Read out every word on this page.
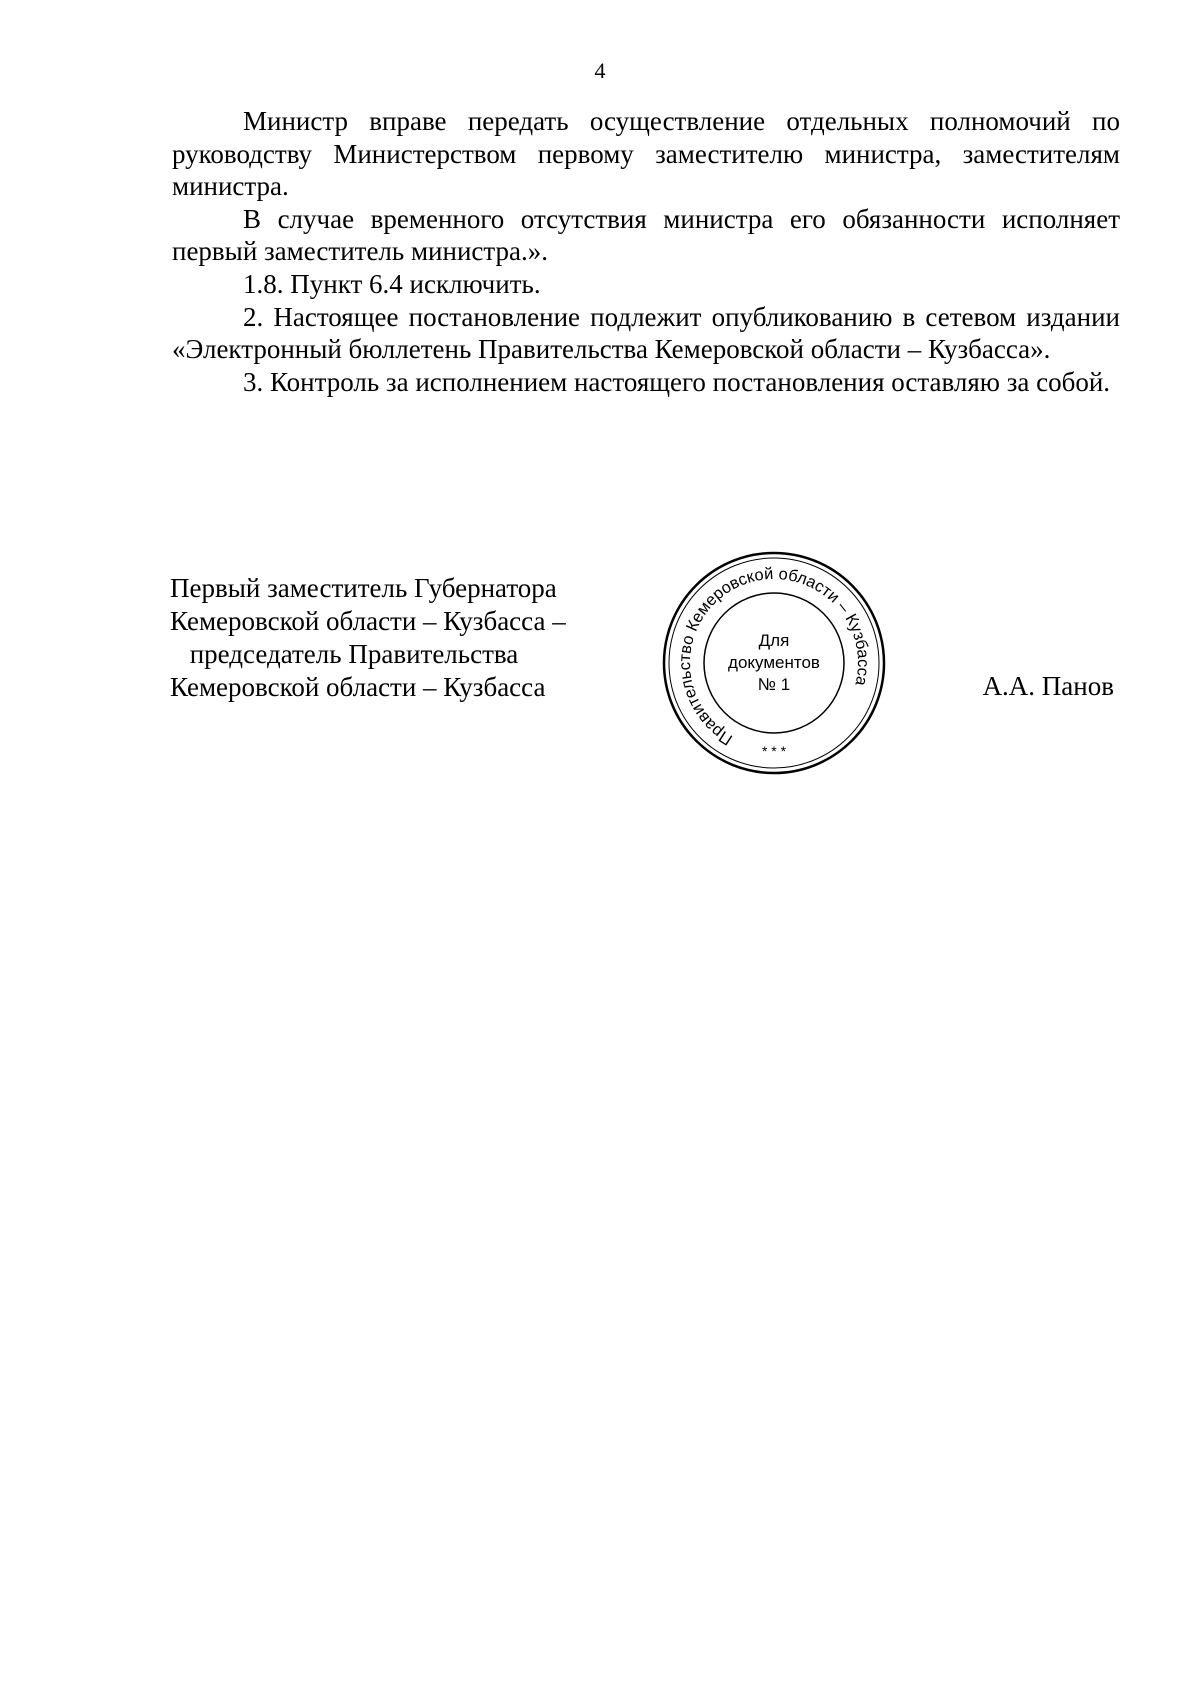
4

Министр вправе передать осуществление отдельных полномочий по руководству Министерством первому заместителю министра, заместителям министра.

В случае временного отсутствия министра его обязанности исполняет первый заместитель министра.».

1.8. Пункт 6.4 исключить.

2. Настоящее постановление подлежит опубликованию в сетевом издании «Электронный бюллетень Правительства Кемеровской области – Кузбасса».

3. Контроль за исполнением настоящего постановления оставляю за собой.

Первый заместитель Губернатора
Кемеровской области – Кузбасса –
председатель Правительства
Кемеровской области – Кузбасса
Правительство Кемеровской области – Кузбасса
Для
документов
№ 1
* * *
А.А. Панов
